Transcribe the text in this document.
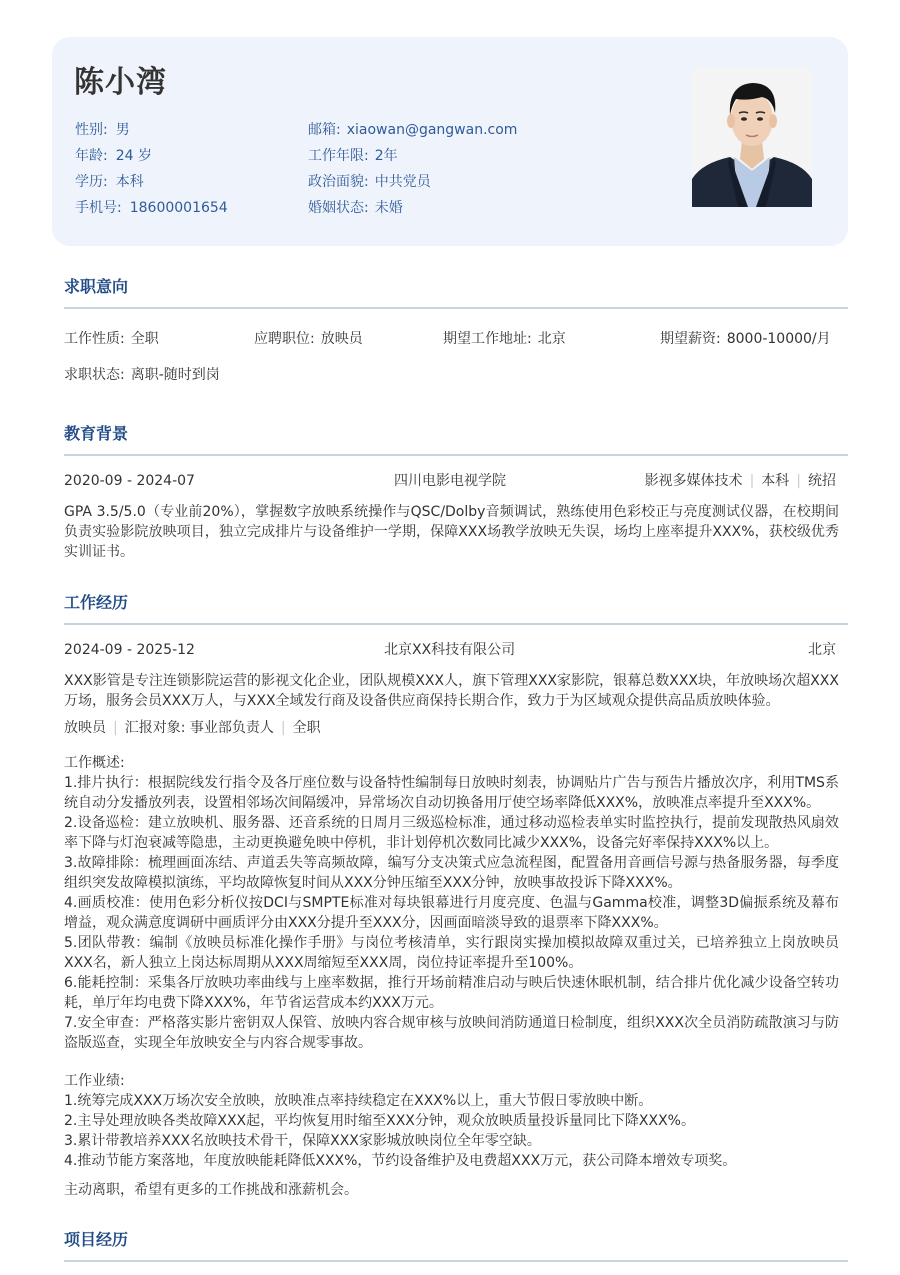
陈小湾
性别: 男
年龄: 24 岁
学历: 本科
手机号: 18600001654
邮箱: xiaowan@gangwan.com
工作年限: 2年
政治面貌: 中共党员
婚姻状态: 未婚
求职意向
工作性质: 全职	应聘职位: 放映员	期望工作地址: 北京	期望薪资: 8000-10000/月
求职状态: 离职-随时到岗
教育背景
2020-09 - 2024-07	四川电影电视学院	影视多媒体技术 | 本科 | 统招
GPA 3.5/5.0（专业前20%），掌握数字放映系统操作与QSC/Dolby音频调试，熟练使用色彩校正与亮度测试仪器，在校期间负责实验影院放映项目，独立完成排片与设备维护一学期，保障XXX场教学放映无失误，场均上座率提升XXX%，获校级优秀实训证书。
工作经历
2024-09 - 2025-12	北京XX科技有限公司	北京
XXX影管是专注连锁影院运营的影视文化企业，团队规模XXX人，旗下管理XXX家影院，银幕总数XXX块，年放映场次超XXX万场，服务会员XXX万人，与XXX全域发行商及设备供应商保持长期合作，致力于为区域观众提供高品质放映体验。
放映员 | 汇报对象: 事业部负责人 | 全职
工作概述:
1.排片执行：根据院线发行指令及各厅座位数与设备特性编制每日放映时刻表，协调贴片广告与预告片播放次序，利用TMS系统自动分发播放列表，设置相邻场次间隔缓冲，异常场次自动切换备用厅使空场率降低XXX%，放映准点率提升至XXX%。
2.设备巡检：建立放映机、服务器、还音系统的日周月三级巡检标准，通过移动巡检表单实时监控执行，提前发现散热风扇效率下降与灯泡衰减等隐患，主动更换避免映中停机，非计划停机次数同比减少XXX%，设备完好率保持XXX%以上。
3.故障排除：梳理画面冻结、声道丢失等高频故障，编写分支决策式应急流程图，配置备用音画信号源与热备服务器，每季度组织突发故障模拟演练，平均故障恢复时间从XXX分钟压缩至XXX分钟，放映事故投诉下降XXX%。
4.画质校准：使用色彩分析仪按DCI与SMPTE标准对每块银幕进行月度亮度、色温与Gamma校准，调整3D偏振系统及幕布增益，观众满意度调研中画质评分由XXX分提升至XXX分，因画面暗淡导致的退票率下降XXX%。
5.团队带教：编制《放映员标准化操作手册》与岗位考核清单，实行跟岗实操加模拟故障双重过关，已培养独立上岗放映员XXX名，新人独立上岗达标周期从XXX周缩短至XXX周，岗位持证率提升至100%。
6.能耗控制：采集各厅放映功率曲线与上座率数据，推行开场前精准启动与映后快速休眠机制，结合排片优化减少设备空转功耗，单厅年均电费下降XXX%，年节省运营成本约XXX万元。
7.安全审查：严格落实影片密钥双人保管、放映内容合规审核与放映间消防通道日检制度，组织XXX次全员消防疏散演习与防盗版巡查，实现全年放映安全与内容合规零事故。
工作业绩:
1.统筹完成XXX万场次安全放映，放映准点率持续稳定在XXX%以上，重大节假日零放映中断。
2.主导处理放映各类故障XXX起，平均恢复用时缩至XXX分钟，观众放映质量投诉量同比下降XXX%。
3.累计带教培养XXX名放映技术骨干，保障XXX家影城放映岗位全年零空缺。
4.推动节能方案落地，年度放映能耗降低XXX%，节约设备维护及电费超XXX万元，获公司降本增效专项奖。
主动离职，希望有更多的工作挑战和涨薪机会。
项目经历
